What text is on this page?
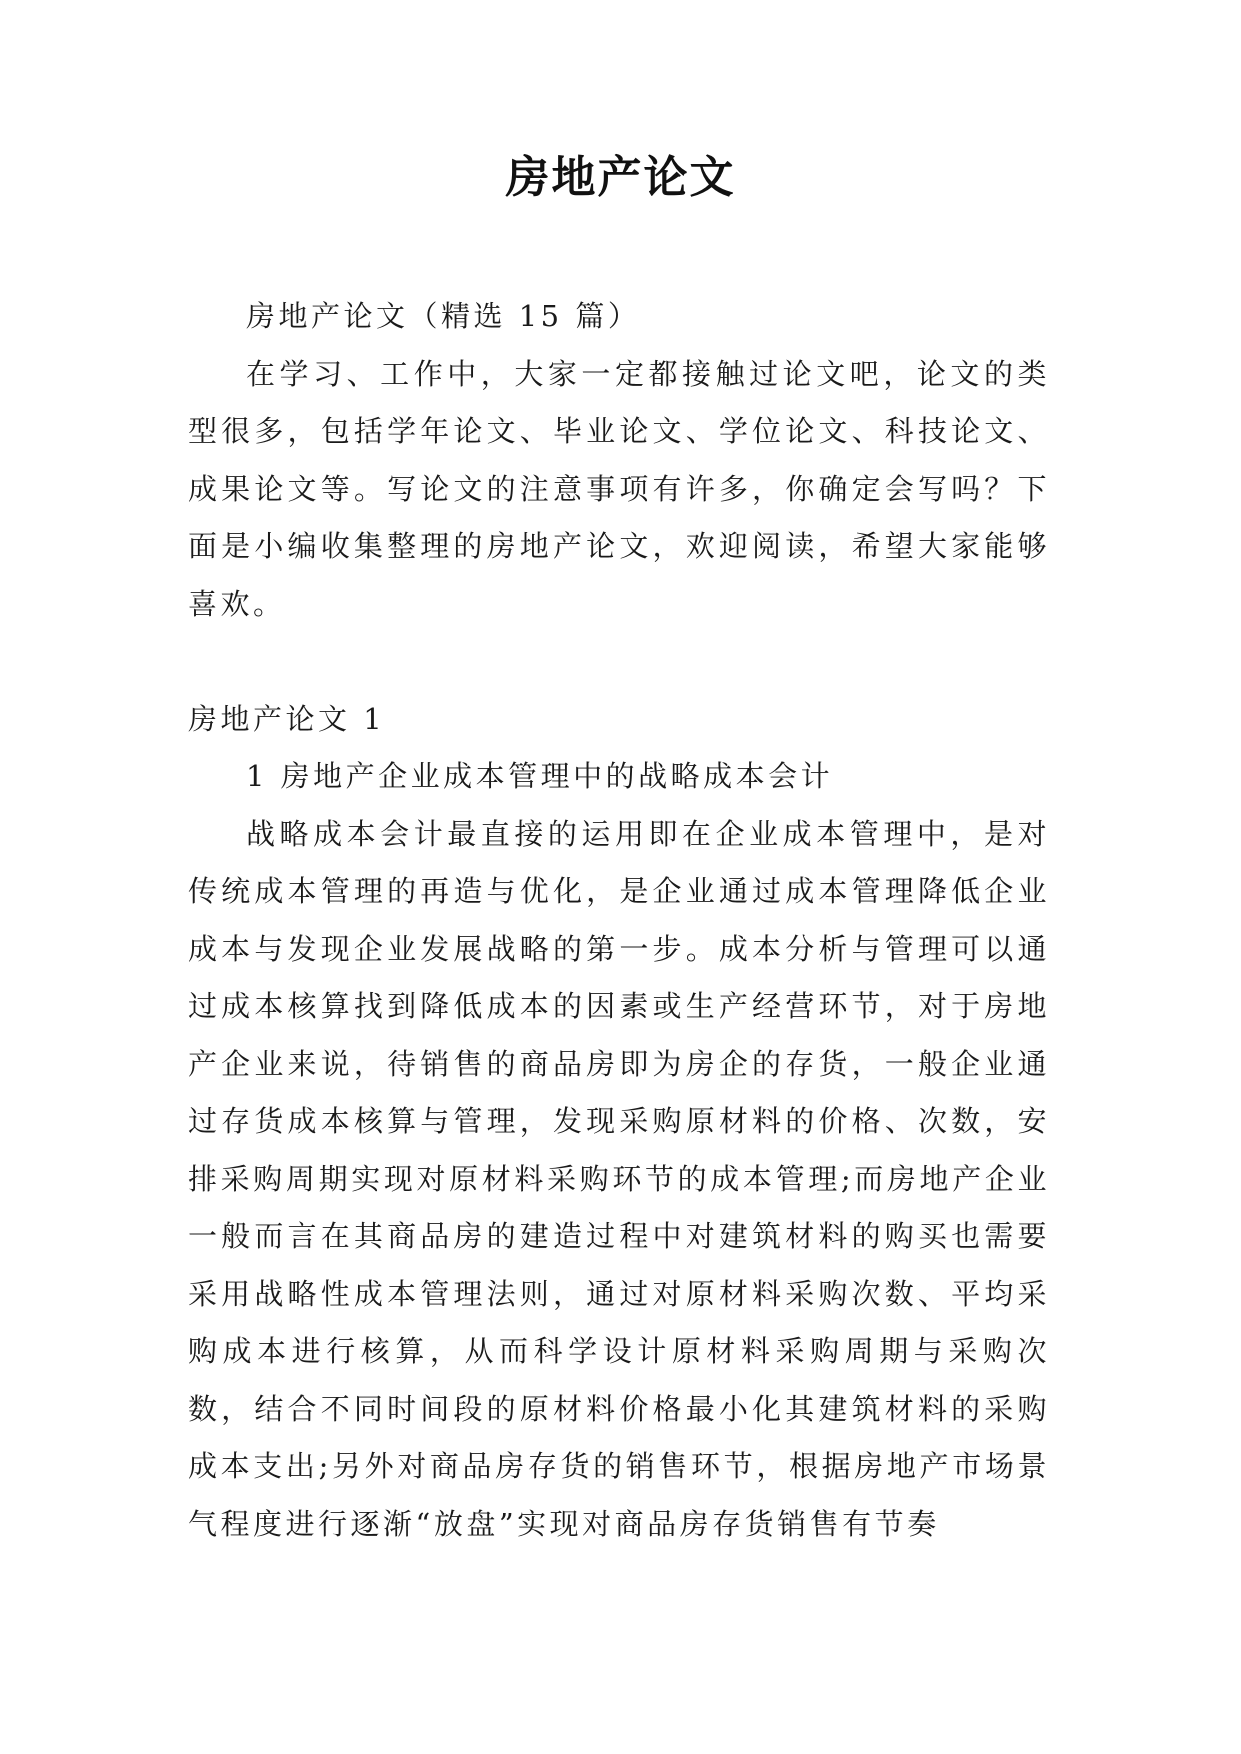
房地产论文

房地产论文（精选 15 篇）

在学习、工作中，大家一定都接触过论文吧，论文的类型很多，包括学年论文、毕业论文、学位论文、科技论文、成果论文等。写论文的注意事项有许多，你确定会写吗？下面是小编收集整理的房地产论文，欢迎阅读，希望大家能够喜欢。

房地产论文 1

1 房地产企业成本管理中的战略成本会计

战略成本会计最直接的运用即在企业成本管理中，是对传统成本管理的再造与优化，是企业通过成本管理降低企业成本与发现企业发展战略的第一步。成本分析与管理可以通过成本核算找到降低成本的因素或生产经营环节，对于房地产企业来说，待销售的商品房即为房企的存货，一般企业通过存货成本核算与管理，发现采购原材料的价格、次数，安排采购周期实现对原材料采购环节的成本管理;而房地产企业一般而言在其商品房的建造过程中对建筑材料的购买也需要采用战略性成本管理法则，通过对原材料采购次数、平均采购成本进行核算，从而科学设计原材料采购周期与采购次数，结合不同时间段的原材料价格最小化其建筑材料的采购成本支出;另外对商品房存货的销售环节，根据房地产市场景气程度进行逐渐“放盘”实现对商品房存货销售有节奏
